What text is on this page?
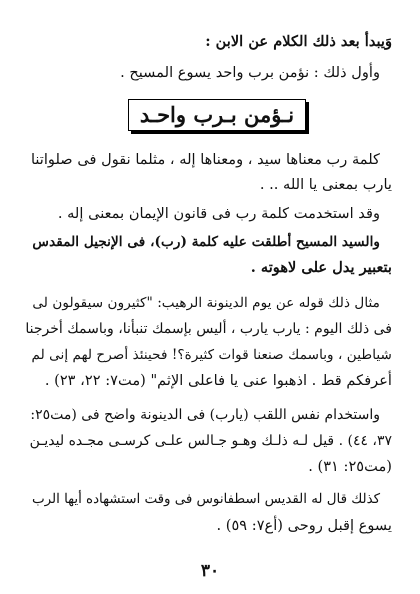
وَيبدأ بعد ذلك الكلام عن الابن :
وأول ذلك : نؤمن برب واحد يسوع المسيح .
نـؤمن بـرب واحـد
كلمة رب معناها سيد ، ومعناها إله ، مثلما نقول فى صلواتنا
يارب بمعنى يا الله .. .
وقد استخدمت كلمة رب فى قانون الإيمان بمعنى إله .
والسيد المسيح أطلقت عليه كلمة (رب)، فى الإنجيل المقدس
بتعبير يدل على لاهوته .
مثال ذلك قوله عن يوم الدينونة الرهيب: "كثيرون سيقولون لى
فى ذلك اليوم : يارب يارب ، أليس بإسمك تنبأنا، وباسمك أخرجنا
شياطين ، وباسمك صنعنا قوات كثيرة؟! فحينئذ أصرح لهم إنى لم
أعرفكم قط . اذهبوا عنى يا فاعلى الإثم" (مت٧: ٢٢، ٢٣) .
واستخدام نفس اللقب (يارب) فى الدينونة واضح فى (مت٢٥:
٣٧، ٤٤) . قيل لـه ذلـك وهـو جـالس علـى كرسـى مجـده ليديـن
(مت٢٥: ٣١) .
كذلك قال له القديس اسطفانوس فى وقت استشهاده أيها الرب
يسوع إقبل روحى (أع٧: ٥٩) .
٣٠
